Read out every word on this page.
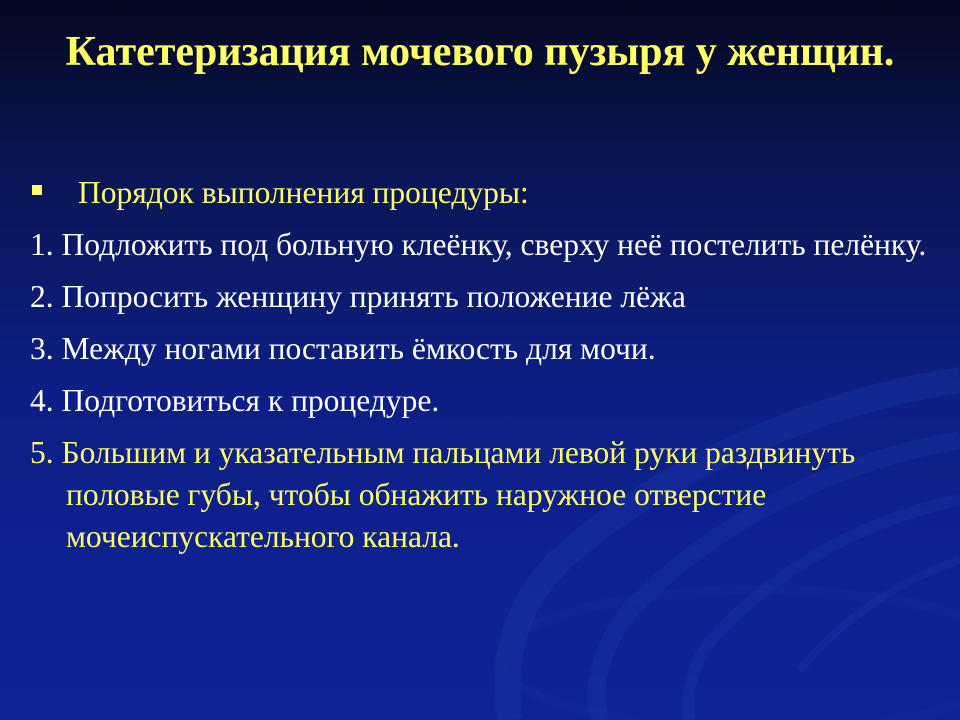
Катетеризация мочевого пузыря у женщин.
Порядок выполнения процедуры:
1. Подложить под больную клеёнку, сверху неё постелить пелёнку.
2. Попросить женщину принять положение лёжа
3. Между ногами поставить ёмкость для мочи.
4. Подготовиться к процедуре.
5. Большим и указательным пальцами левой руки раздвинуть половые губы, чтобы обнажить наружное отверстие мочеиспускательного канала.
